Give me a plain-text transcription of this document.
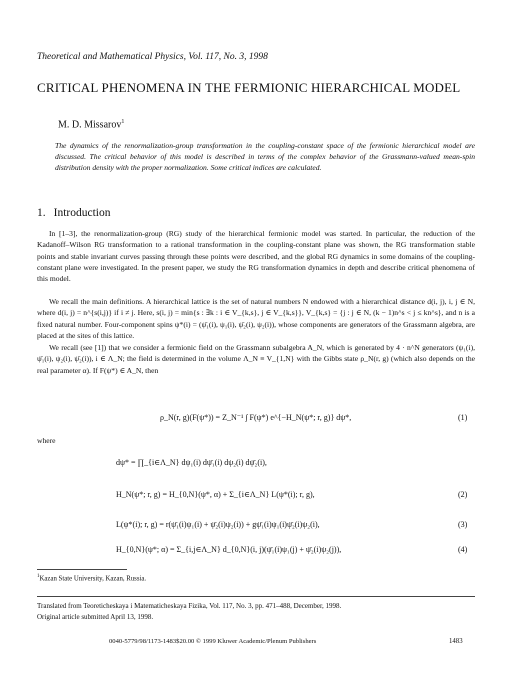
Theoretical and Mathematical Physics, Vol. 117, No. 3, 1998
CRITICAL PHENOMENA IN THE FERMIONIC HIERARCHICAL MODEL
M. D. Missarov$^1$
The dynamics of the renormalization-group transformation in the coupling-constant space of the fermionic hierarchical model are discussed. The critical behavior of this model is described in terms of the complex behavior of the Grassmann-valued mean-spin distribution density with the proper normalization. Some critical indices are calculated.
1. Introduction

In [1–3], the renormalization-group (RG) study of the hierarchical fermionic model was started. In particular, the reduction of the Kadanoff–Wilson RG transformation to a rational transformation in the coupling-constant plane was shown, the RG transformation stable points and stable invariant curves passing through these points were described, and the global RG dynamics in some domains of the coupling-constant plane were investigated. In the present paper, we study the RG transformation dynamics in depth and describe critical phenomena of this model.

We recall the main definitions. A hierarchical lattice is the set of natural numbers N endowed with a hierarchical distance d(i, j), i, j ∈ N, where d(i, j) = n^{s(i,j)} if i ≠ j. Here, s(i, j) = min{s : ∃k : i ∈ V_{k,s}, j ∈ V_{k,s}}, V_{k,s} = {j : j ∈ N, (k − 1)n^s < j ≤ kn^s}, and n is a fixed natural number. Four-component spins ψ*(i) = (ψ̄₁(i), ψ₁(i), ψ̄₂(i), ψ₂(i)), whose components are generators of the Grassmann algebra, are placed at the sites of this lattice.

We recall (see [1]) that we consider a fermionic field on the Grassmann subalgebra A_N, which is generated by 4 · n^N generators (ψ₁(i), ψ̄₁(i), ψ₂(i), ψ̄₂(i)), i ∈ Λ_N; the field is determined in the volume Λ_N ≡ V_{1,N} with the Gibbs state ρ_N(r, g) (which also depends on the real parameter α). If F(ψ*) ∈ A_N, then

ρ_N(r, g)(F(ψ*)) = Z_N⁻¹ ∫ F(ψ*) e^{−H_N(ψ*; r, g)} dψ*,	(1)
where
dψ* = ∏_{i∈Λ_N} dψ₁(i) dψ̄₁(i) dψ₂(i) dψ̄₂(i),
H_N(ψ*; r, g) = H_{0,N}(ψ*, α) + Σ_{i∈Λ_N} L(ψ*(i); r, g),	(2)
L(ψ*(i); r, g) = r(ψ̄₁(i)ψ₁(i) + ψ̄₂(i)ψ₂(i)) + gψ̄₁(i)ψ₁(i)ψ̄₂(i)ψ₂(i),	(3)
H_{0,N}(ψ*; α) = Σ_{i,j∈Λ_N} d_{0,N}(i, j)(ψ̄₁(i)ψ₁(j) + ψ̄₂(i)ψ₂(j)),	(4)
$^1$Kazan State University, Kazan, Russia.
Translated from Teoreticheskaya i Matematicheskaya Fizika, Vol. 117, No. 3, pp. 471–488, December, 1998.
Original article submitted April 13, 1998.
0040-5779/98/1173-1483$20.00 © 1999 Kluwer Academic/Plenum Publishers	1483
